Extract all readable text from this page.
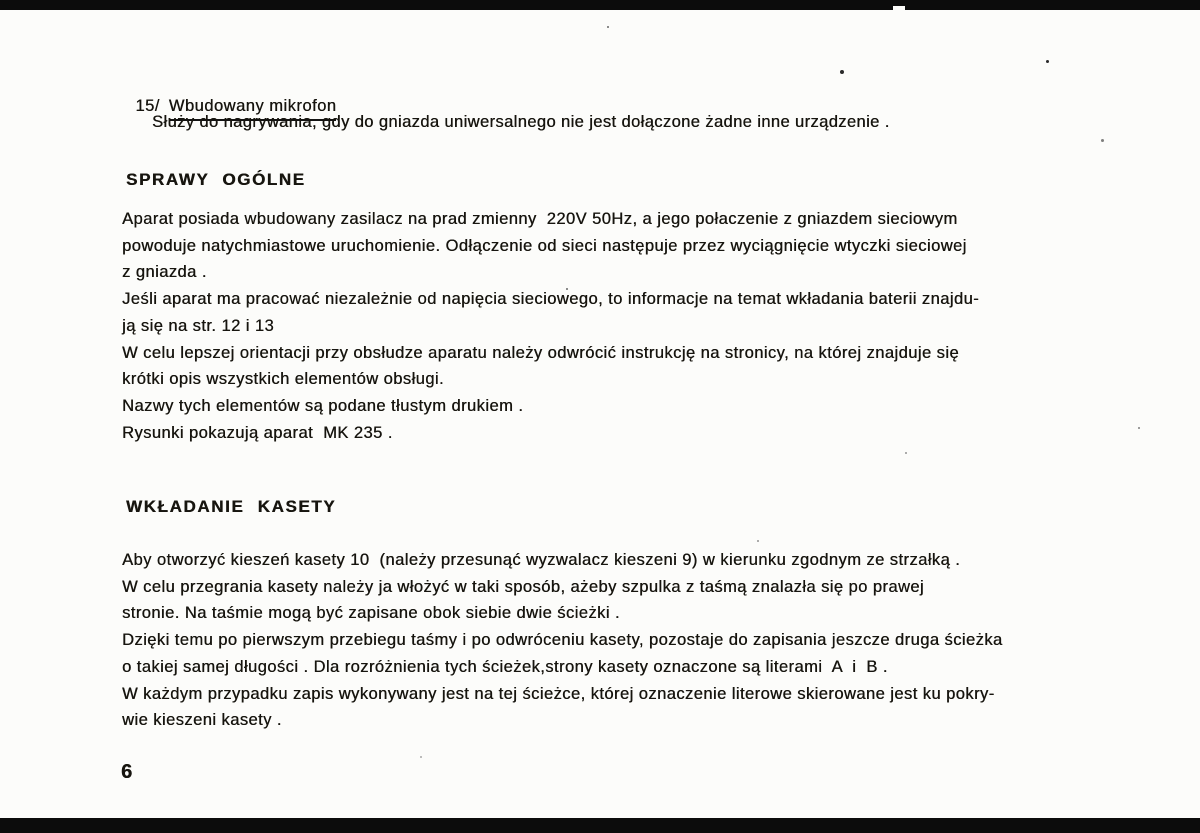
15/ Wbudowany mikrofon

Służy do nagrywania, gdy do gniazda uniwersalnego nie jest dołączone żadne inne urządzenie .
SPRAWY OGÓLNE
Aparat posiada wbudowany zasilacz na prad zmienny  220V 50Hz, a jego połaczenie z gniazdem sieciowym
powoduje natychmiastowe uruchomienie. Odłączenie od sieci następuje przez wyciągnięcie wtyczki sieciowej
z gniazda .
Jeśli aparat ma pracować niezależnie od napięcia sieciowego, to informacje na temat wkładania baterii znajdu-
ją się na str. 12 i 13
W celu lepszej orientacji przy obsłudze aparatu należy odwrócić instrukcję na stronicy, na której znajduje się
krótki opis wszystkich elementów obsługi.
Nazwy tych elementów są podane tłustym drukiem .
Rysunki pokazują aparat  MK 235 .
WKŁADANIE KASETY
Aby otworzyć kieszeń kasety 10  (należy przesunąć wyzwalacz kieszeni 9) w kierunku zgodnym ze strzałką .
W celu przegrania kasety należy ja włożyć w taki sposób, ażeby szpulka z taśmą znalazła się po prawej
stronie. Na taśmie mogą być zapisane obok siebie dwie ścieżki .
Dzięki temu po pierwszym przebiegu taśmy i po odwróceniu kasety, pozostaje do zapisania jeszcze druga ścieżka
o takiej samej długości . Dla rozróżnienia tych ścieżek,strony kasety oznaczone są literami  A  i  B .
W każdym przypadku zapis wykonywany jest na tej ścieżce, której oznaczenie literowe skierowane jest ku pokry-
wie kieszeni kasety .
6
